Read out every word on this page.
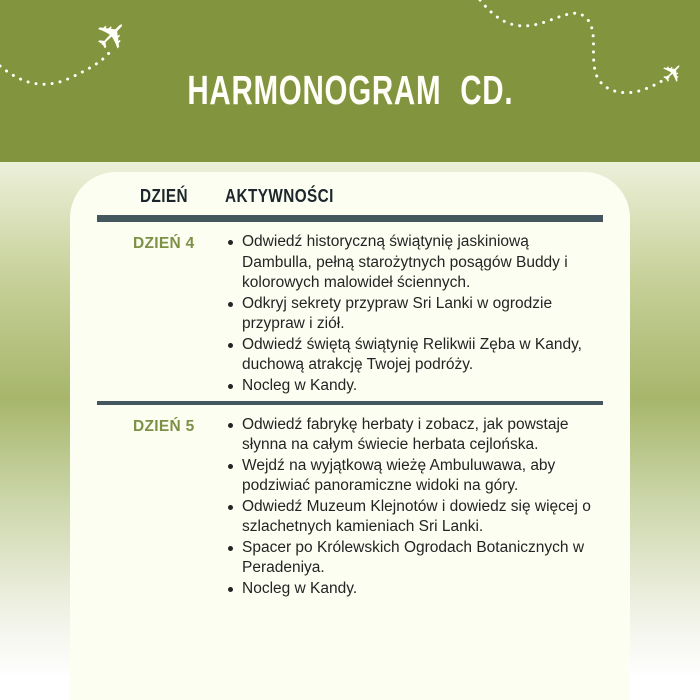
✈
✈
HARMONOGRAM CD.
DZIEŃ AKTYWNOŚCI
DZIEŃ 4	Odwiedź historyczną świątynię jaskiniową Dambulla, pełną starożytnych posągów Buddy i kolorowych malowideł ściennych.
Odkryj sekrety przypraw Sri Lanki w ogrodzie przypraw i ziół.
Odwiedź świętą świątynię Relikwii Zęba w Kandy, duchową atrakcję Twojej podróży.
Nocleg w Kandy.
DZIEŃ 5	Odwiedź fabrykę herbaty i zobacz, jak powstaje słynna na całym świecie herbata cejlońska.
Wejdź na wyjątkową wieżę Ambuluwawa, aby podziwiać panoramiczne widoki na góry.
Odwiedź Muzeum Klejnotów i dowiedz się więcej o szlachetnych kamieniach Sri Lanki.
Spacer po Królewskich Ogrodach Botanicznych w Peradeniya.
Nocleg w Kandy.
